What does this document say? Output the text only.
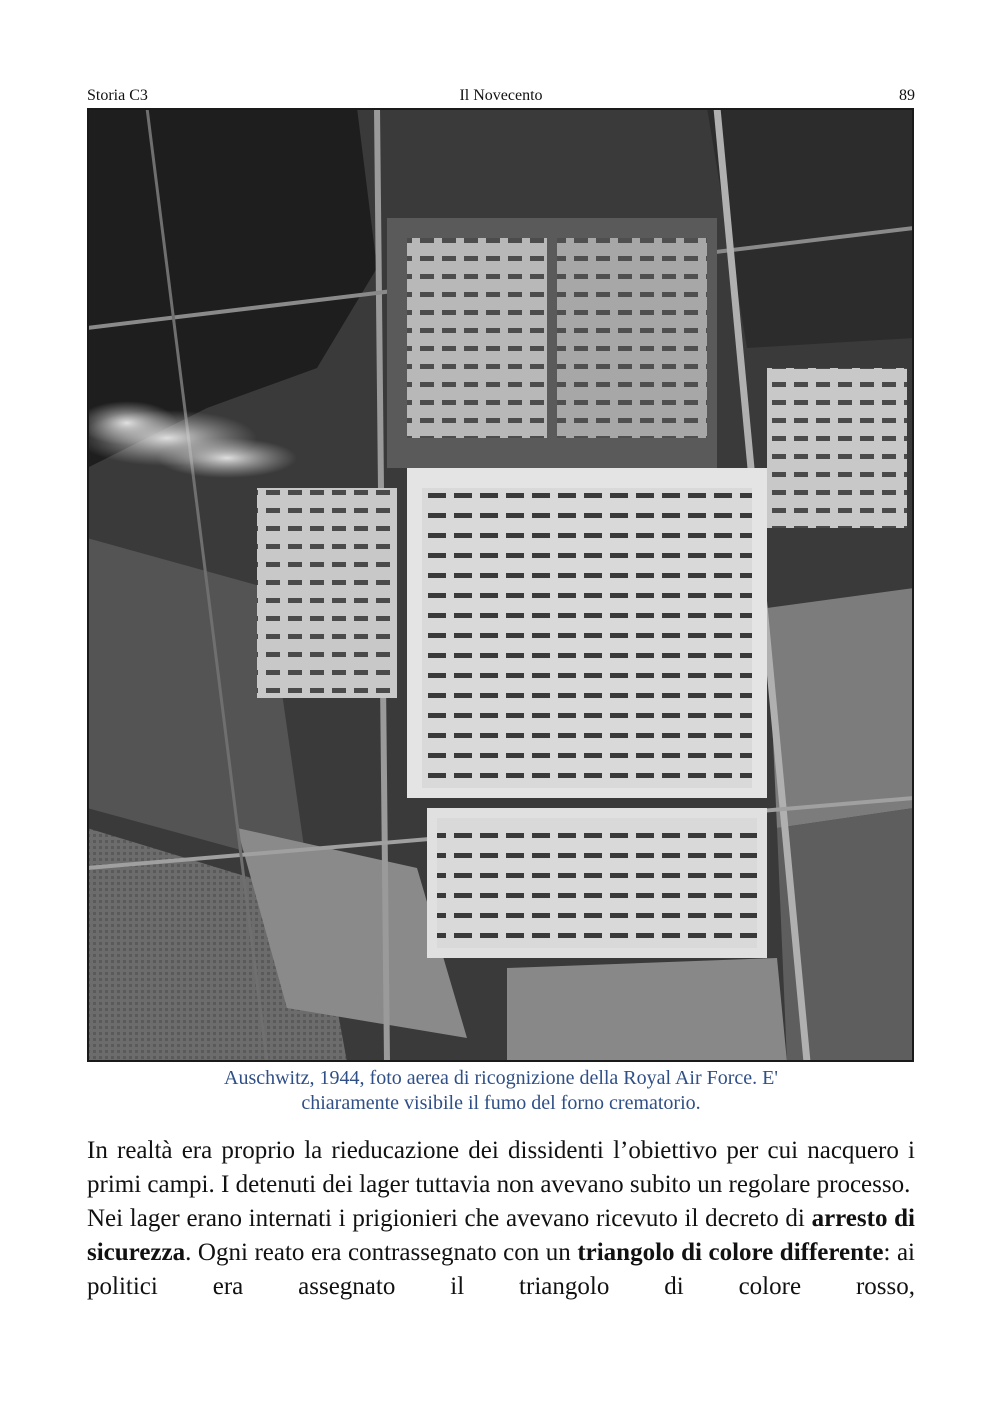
Storia C3	Il Novecento	89
Auschwitz, 1944, foto aerea di ricognizione della Royal Air Force. E'
chiaramente visibile il fumo del forno crematorio.

In realtà era proprio la rieducazione dei dissidenti l’obiettivo per cui nacquero i primi campi. I detenuti dei lager tuttavia non avevano subito un regolare processo.

Nei lager erano internati i prigionieri che avevano ricevuto il decreto di arresto di sicurezza. Ogni reato era contrassegnato con un triangolo di colore differente: ai politici era assegnato il triangolo di colore rosso,
